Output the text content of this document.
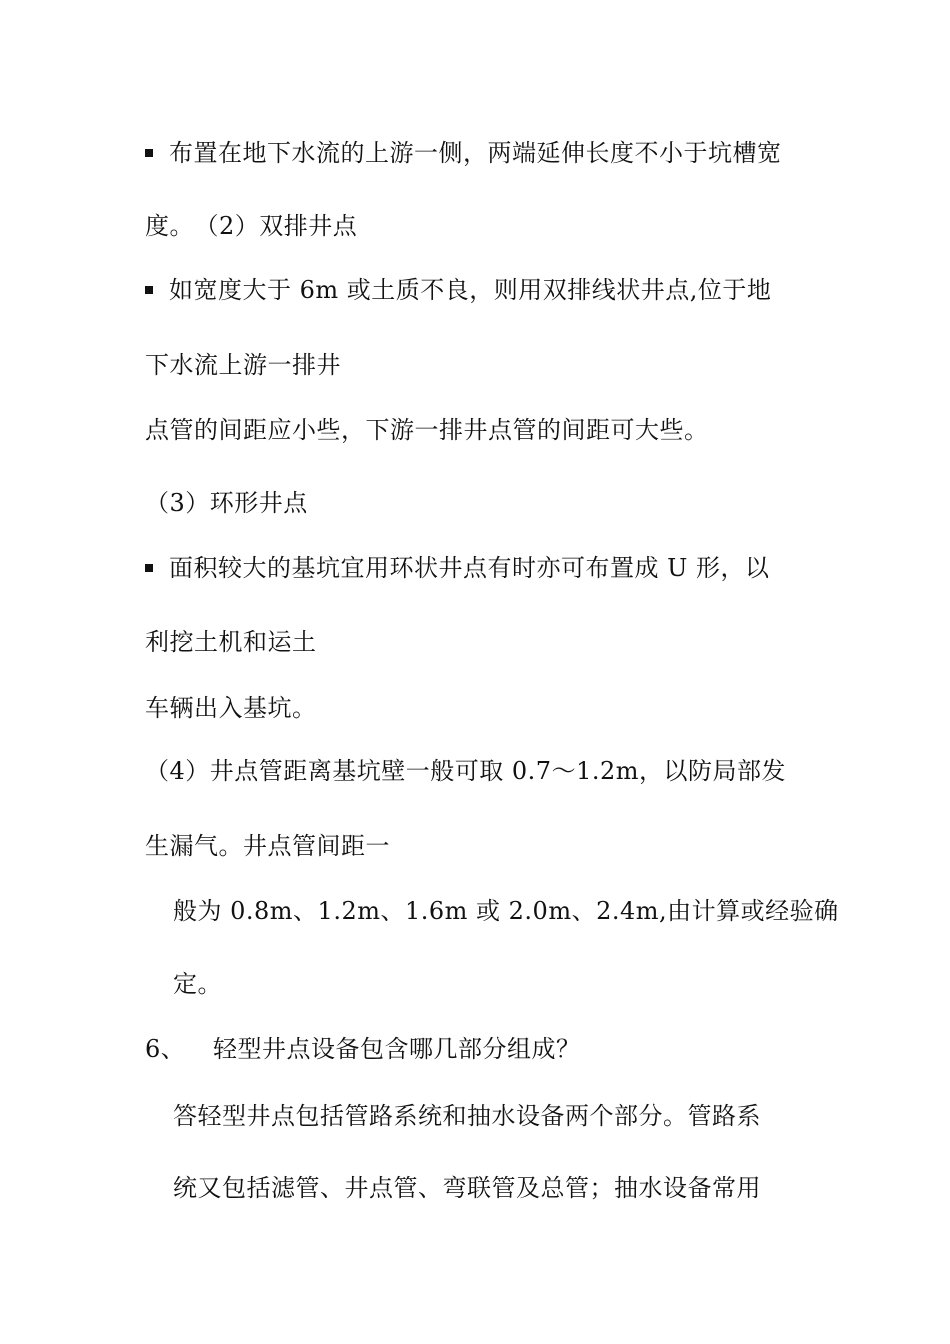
布置在地下水流的上游一侧，两端延伸长度不小于坑槽宽
度。　（2）双排井点
如宽度大于 6m 或土质不良，则用双排线状井点,位于地
下水流上游一排井
点管的间距应小些，下游一排井点管的间距可大些。
（3）环形井点
面积较大的基坑宜用环状井点有时亦可布置成 U 形，以
利挖土机和运土
车辆出入基坑。
（4）井点管距离基坑壁一般可取 0.7～1.2m，以防局部发
生漏气。井点管间距一
般为 0.8m、1.2m、1.6m 或 2.0m、2.4m,由计算或经验确
定。
6、 轻型井点设备包含哪几部分组成？
答轻型井点包括管路系统和抽水设备两个部分。管路系
统又包括滤管、井点管、弯联管及总管；抽水设备常用
